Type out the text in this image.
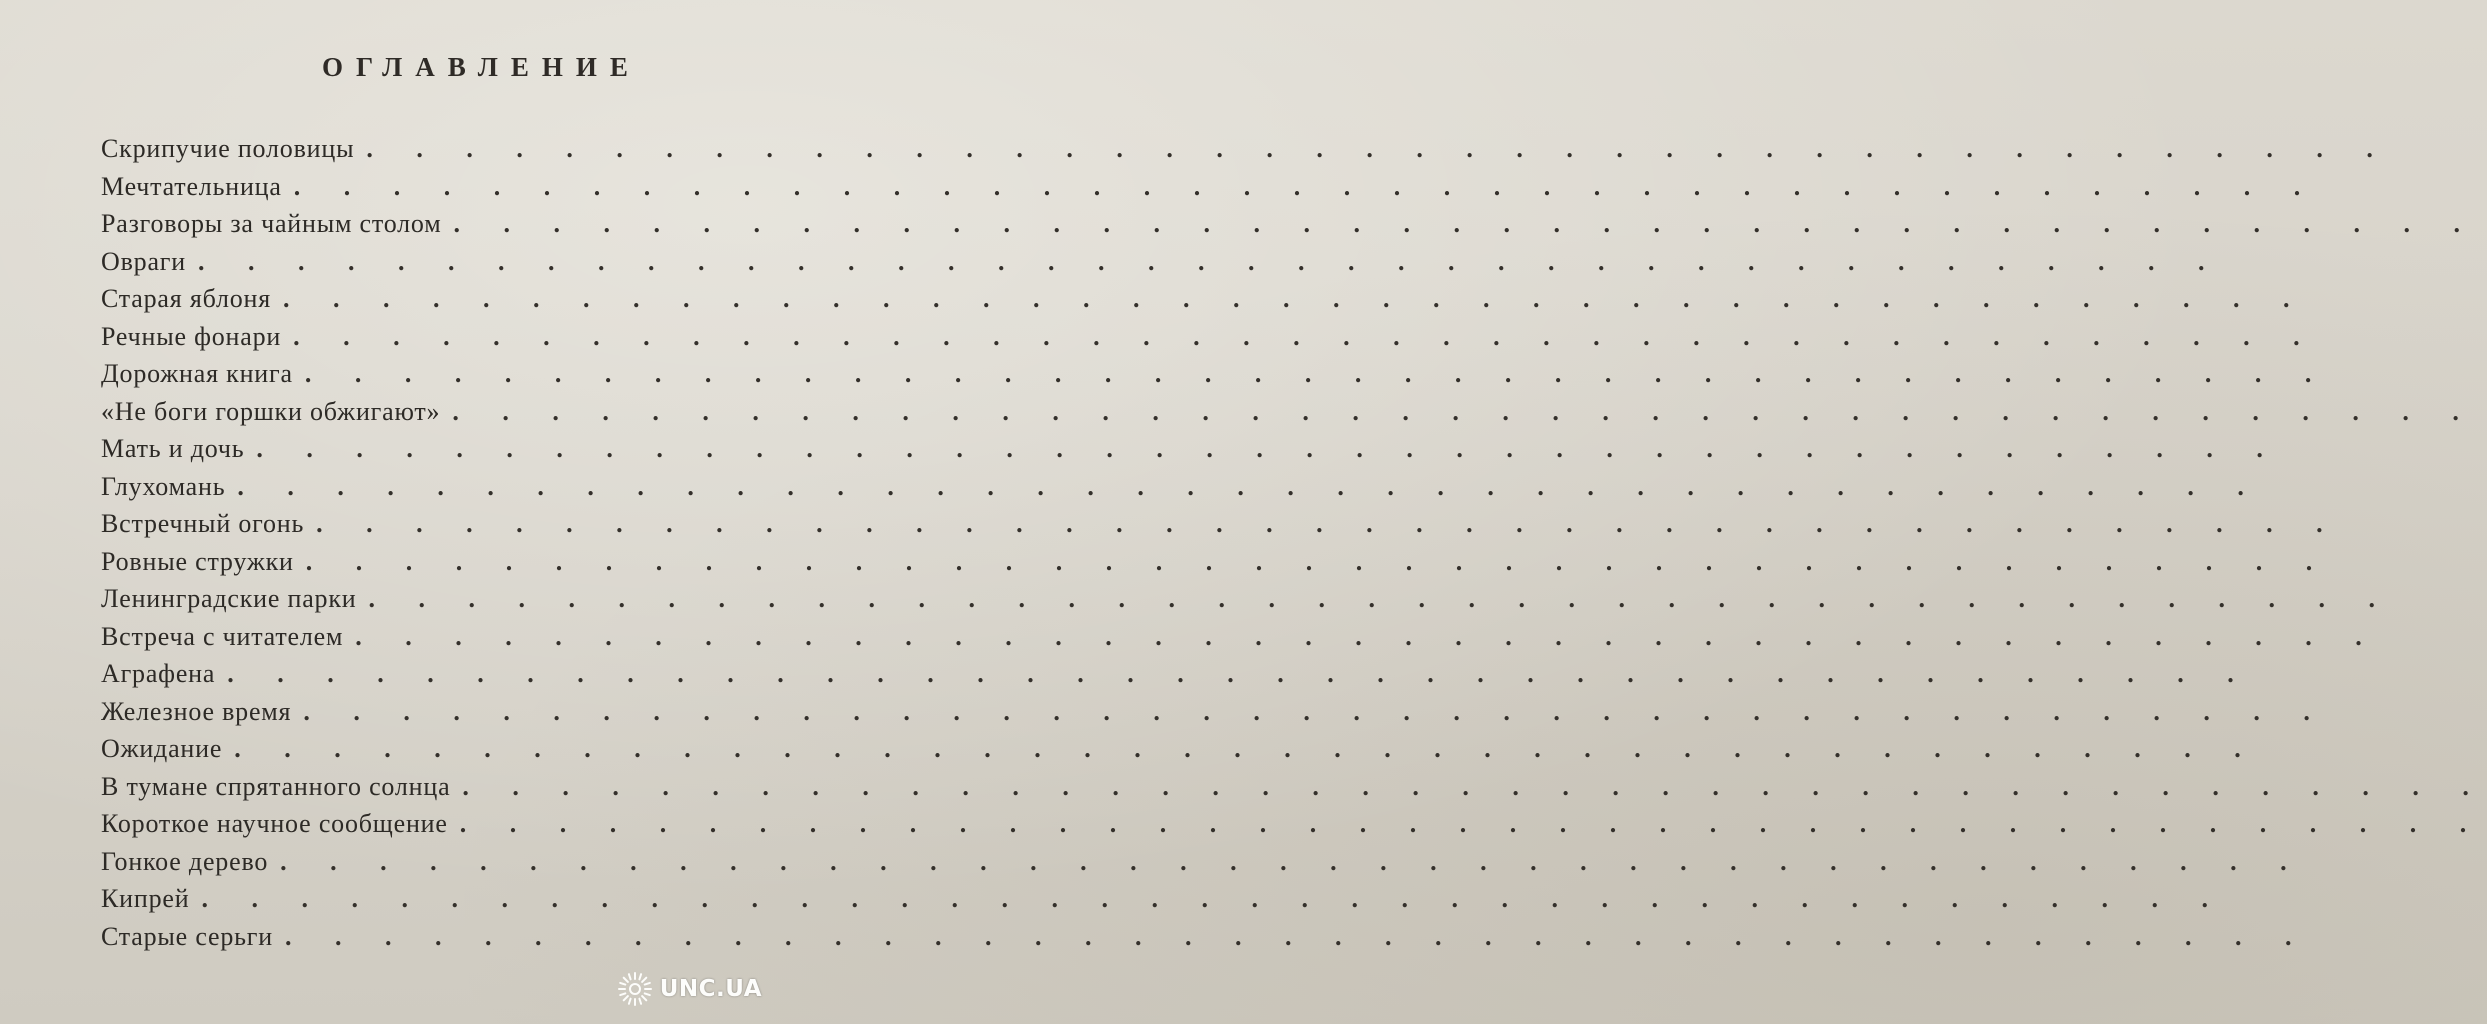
ОГЛАВЛЕНИЕ
Скрипучие половицы . . . . . . . . . . . . . . . . . . . . . . . . . . . . . . . . . . . . . . . . .
Мечтательница . . . . . . . . . . . . . . . . . . . . . . . . . . . . . . . . . . . . . . . . .
Разговоры за чайным столом . . . . . . . . . . . . . . . . . . . . . . . . . . . . . . . . . . . . . . . . .
Овраги . . . . . . . . . . . . . . . . . . . . . . . . . . . . . . . . . . . . . . . . .
Старая яблоня . . . . . . . . . . . . . . . . . . . . . . . . . . . . . . . . . . . . . . . . .
Речные фонари . . . . . . . . . . . . . . . . . . . . . . . . . . . . . . . . . . . . . . . . .
Дорожная книга . . . . . . . . . . . . . . . . . . . . . . . . . . . . . . . . . . . . . . . . .
«Не боги горшки обжигают» . . . . . . . . . . . . . . . . . . . . . . . . . . . . . . . . . . . . . . . . .
Мать и дочь . . . . . . . . . . . . . . . . . . . . . . . . . . . . . . . . . . . . . . . . .
Глухомань . . . . . . . . . . . . . . . . . . . . . . . . . . . . . . . . . . . . . . . . .
Встречный огонь . . . . . . . . . . . . . . . . . . . . . . . . . . . . . . . . . . . . . . . . .
Ровные стружки . . . . . . . . . . . . . . . . . . . . . . . . . . . . . . . . . . . . . . . . .
Ленинградские парки . . . . . . . . . . . . . . . . . . . . . . . . . . . . . . . . . . . . . . . . .
Встреча с читателем . . . . . . . . . . . . . . . . . . . . . . . . . . . . . . . . . . . . . . . . .
Аграфена . . . . . . . . . . . . . . . . . . . . . . . . . . . . . . . . . . . . . . . . .
Железное время . . . . . . . . . . . . . . . . . . . . . . . . . . . . . . . . . . . . . . . . .
Ожидание . . . . . . . . . . . . . . . . . . . . . . . . . . . . . . . . . . . . . . . . .
В тумане спрятанного солнца . . . . . . . . . . . . . . . . . . . . . . . . . . . . . . . . . . . . . . . . .
Короткое научное сообщение . . . . . . . . . . . . . . . . . . . . . . . . . . . . . . . . . . . . . . . . .
Гонкое дерево . . . . . . . . . . . . . . . . . . . . . . . . . . . . . . . . . . . . . . . . .
Кипрей . . . . . . . . . . . . . . . . . . . . . . . . . . . . . . . . . . . . . . . . .
Старые серьги . . . . . . . . . . . . . . . . . . . . . . . . . . . . . . . . . . . . . . . . .
UNC.UA
